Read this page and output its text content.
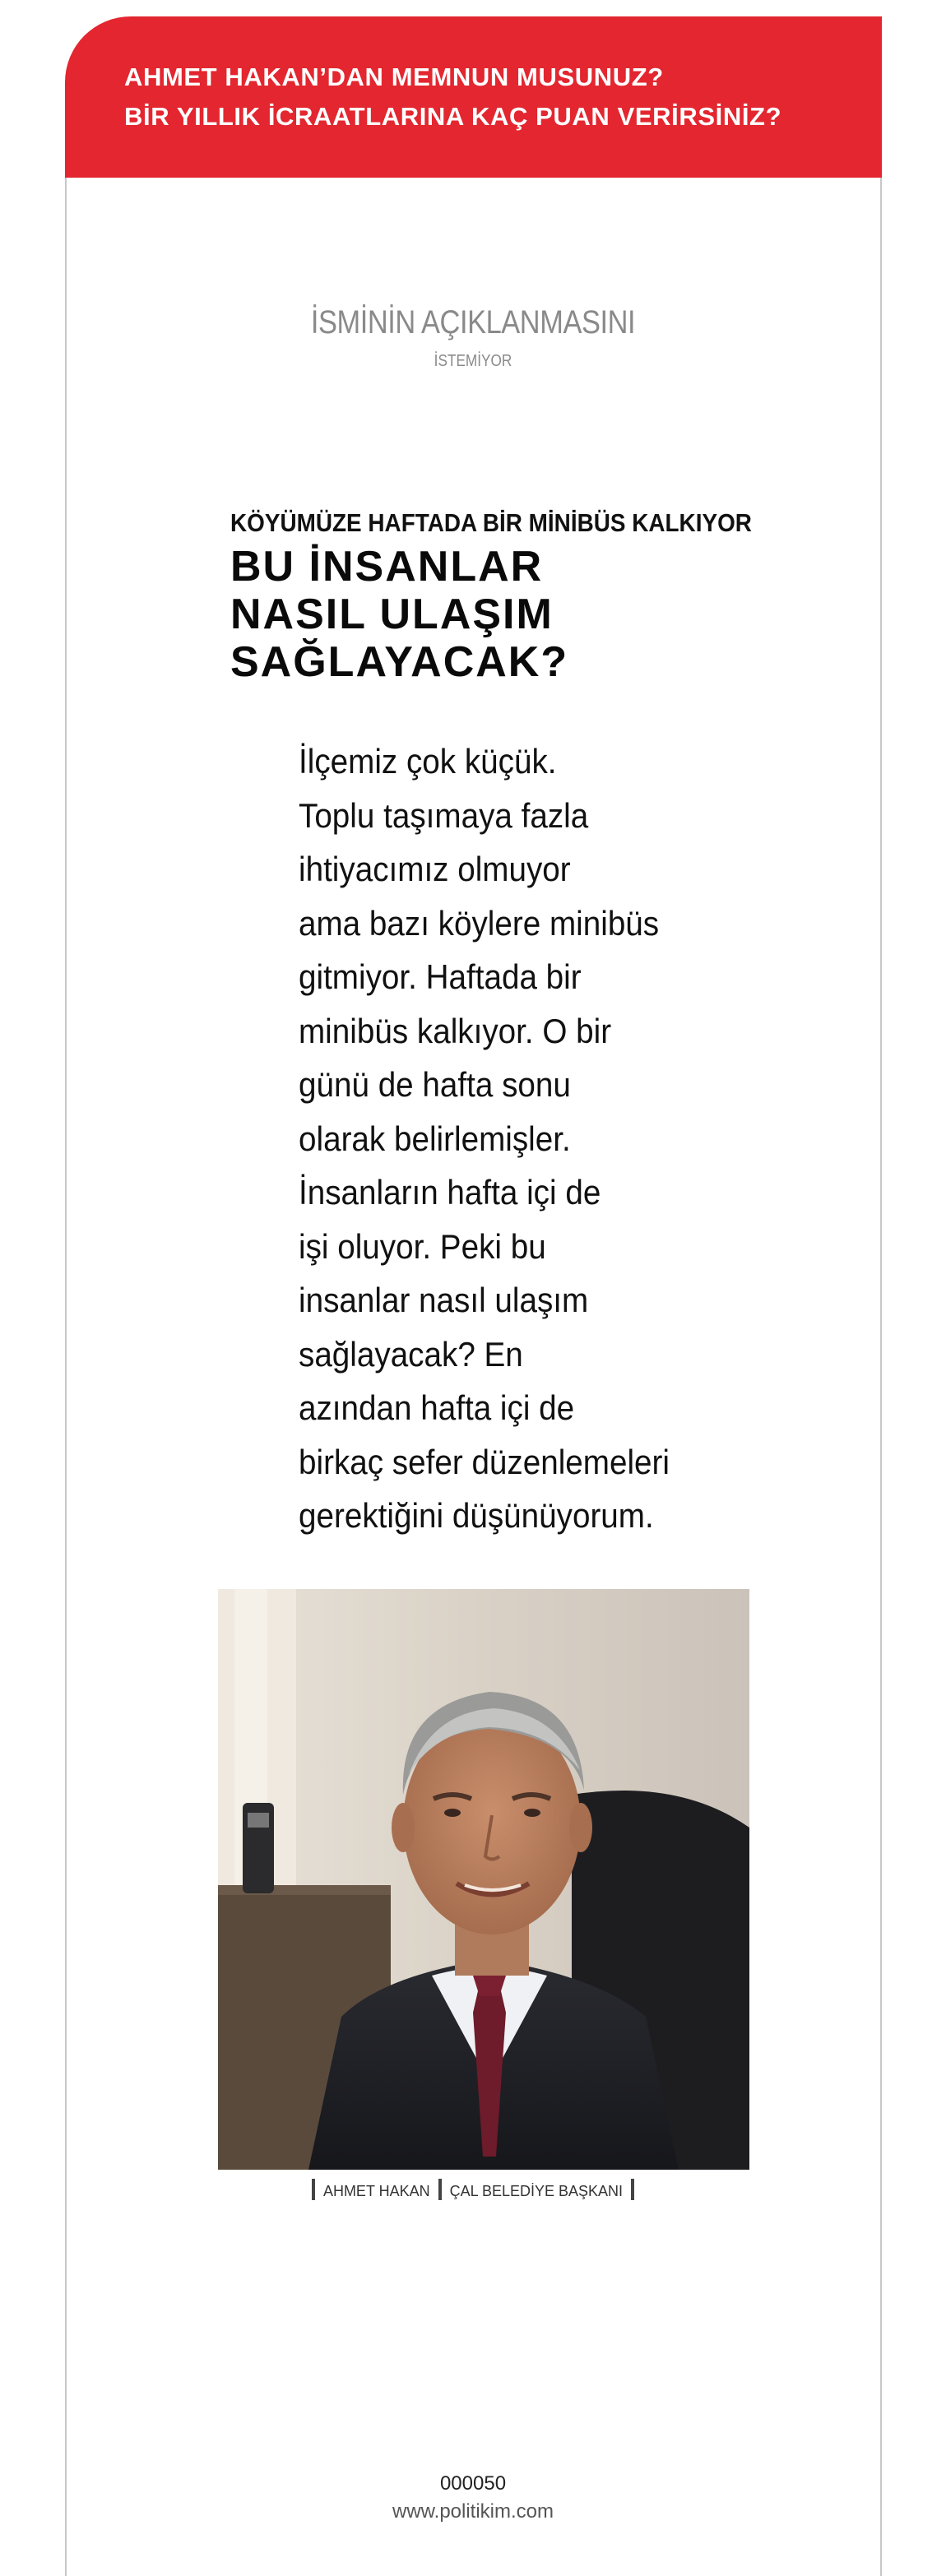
AHMET HAKAN’DAN MEMNUN MUSUNUZ?
BİR YILLIK İCRAATLARINA KAÇ PUAN VERİRSİNİZ?
İSMİNİN AÇIKLANMASINI
İSTEMİYOR
KÖYÜMÜZE HAFTADA BİR MİNİBÜS KALKIYOR
BU İNSANLAR
NASIL ULAŞIM
SAĞLAYACAK?
İlçemiz çok küçük.
Toplu taşımaya fazla
ihtiyacımız olmuyor
ama bazı köylere minibüs
gitmiyor. Haftada bir
minibüs kalkıyor. O bir
günü de hafta sonu
olarak belirlemişler.
İnsanların hafta içi de
işi oluyor. Peki bu
insanlar nasıl ulaşım
sağlayacak? En
azından hafta içi de
birkaç sefer düzenlemeleri
gerektiğini düşünüyorum.
AHMET HAKAN ÇAL BELEDİYE BAŞKANI
000050
www.politikim.com
